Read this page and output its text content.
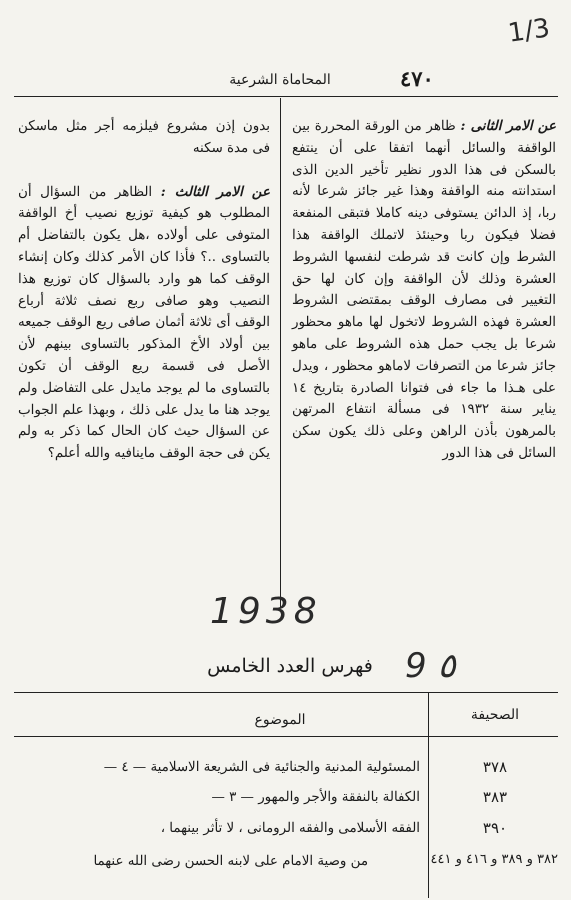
1/3
٤٧٠
المحاماة الشرعية

عن الامر الثانى : ظاهر من الورقة المحررة بين الواقفة والسائل أنهما اتفقا على أن ينتفع بالسكن فى هذا الدور نظير تأخير الدين الذى استدانته منه الواقفة وهذا غير جائز شرعا لأنه ربا، إذ الدائن يستوفى دينه كاملا فتبقى المنفعة فضلا فيكون ربا وحينئذ لاتملك الواقفة هذا الشرط وإن كانت قد شرطت لنفسها الشروط العشرة وذلك لأن الواقفة وإن كان لها حق التغيير فى مصارف الوقف بمقتضى الشروط العشرة فهذه الشروط لاتخول لها ماهو محظور شرعا بل يجب حمل هذه الشروط على ماهو جائز شرعا من التصرفات لاماهو محظور ، ويدل على هـذا ما جاء فى فتوانا الصادرة بتاريخ ١٤ يناير سنة ١٩٣٢ فى مسألة انتفاع المرتهن بالمرهون بأذن الراهن وعلى ذلك يكون سكن السائل فى هذا الدور

بدون إذن مشروع فيلزمه أجر مثل ماسكن فى مدة سكنه

عن الامر الثالث : الظاهر من السؤال أن المطلوب هو كيفية توزيع نصيب أخ الواقفة المتوفى على أولاده ،هل يكون بالتفاضل أم بالتساوى ..؟ فأذا كان الأمر كذلك وكان إنشاء الوقف كما هو وارد بالسؤال كان توزيع هذا النصيب وهو صافى ربع نصف ثلاثة أرباع الوقف أى ثلاثة أثمان صافى ريع الوقف جميعه بين أولاد الأخ المذكور بالتساوى بينهم لأن الأصل فى قسمة ريع الوقف أن تكون بالتساوى ما لم يوجد مايدل على التفاضل ولم يوجد هنا ما يدل على ذلك ، وبهذا علم الجواب عن السؤال حيث كان الحال كما ذكر به ولم يكن فى حجة الوقف ماينافيه والله أعلم؟

1938
9 ٥
فهرس العدد الخامس
الصحيفة
الموضوع
٣٧٨
المسئولية المدنية والجنائية فى الشريعة الاسلامية — ٤ —
٣٨٣
الكفالة بالنفقة والأجر والمهور — ٣ —
٣٩٠
الفقه الأسلامى والفقه الرومانى ، لا تأثر بينهما ،
٣٨٢ و ٣٨٩ و ٤١٦ و ٤٤١
من وصية الامام على لابنه الحسن رضى الله عنهما
